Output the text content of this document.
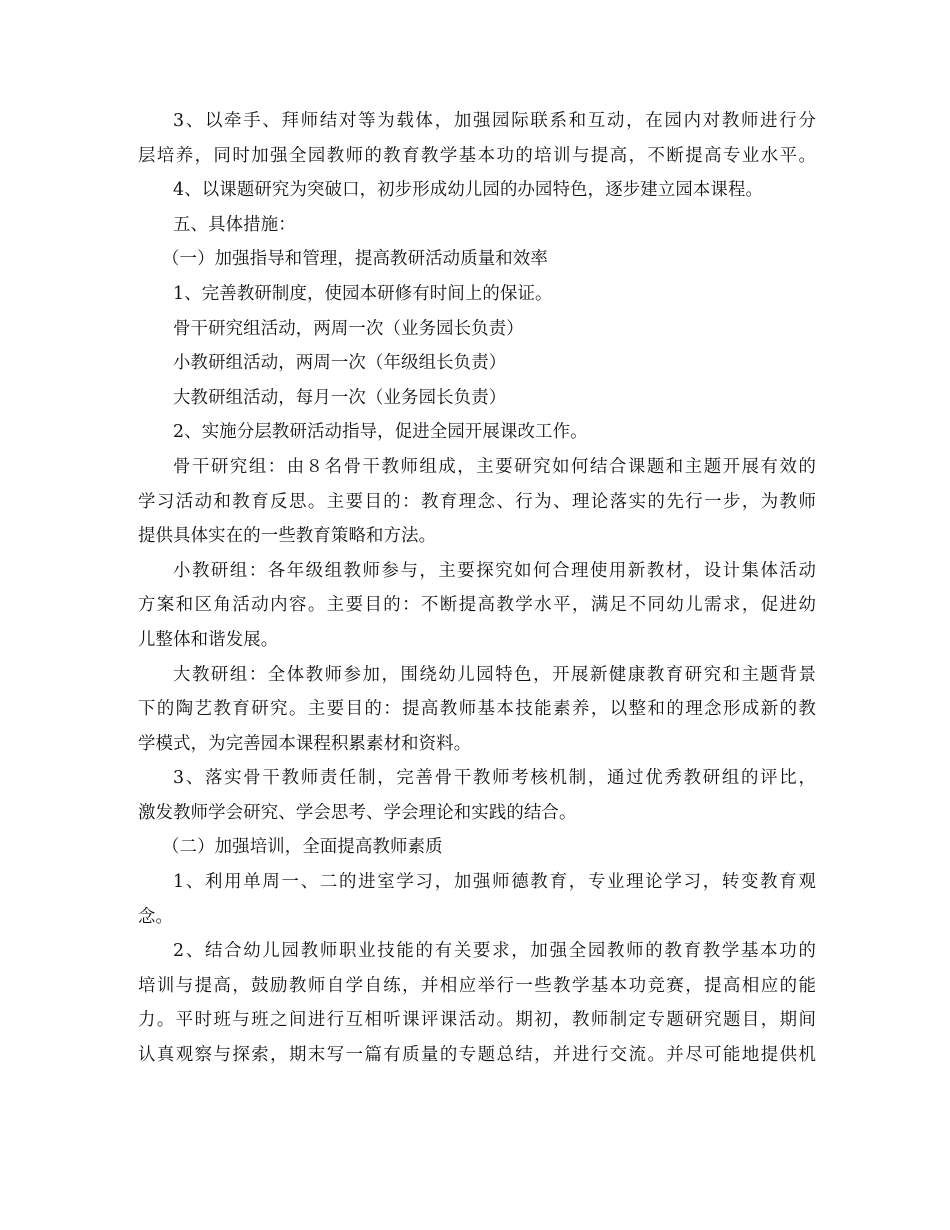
3、以牵手、拜师结对等为载体，加强园际联系和互动，在园内对教师进行分
层培养，同时加强全园教师的教育教学基本功的培训与提高，不断提高专业水平。
4、以课题研究为突破口，初步形成幼儿园的办园特色，逐步建立园本课程。
五、具体措施：
（一）加强指导和管理，提高教研活动质量和效率
1、完善教研制度，使园本研修有时间上的保证。
骨干研究组活动，两周一次（业务园长负责）
小教研组活动，两周一次（年级组长负责）
大教研组活动，每月一次（业务园长负责）
2、实施分层教研活动指导，促进全园开展课改工作。
骨干研究组：由８名骨干教师组成，主要研究如何结合课题和主题开展有效的
学习活动和教育反思。主要目的：教育理念、行为、理论落实的先行一步，为教师
提供具体实在的一些教育策略和方法。
小教研组：各年级组教师参与，主要探究如何合理使用新教材，设计集体活动
方案和区角活动内容。主要目的：不断提高教学水平，满足不同幼儿需求，促进幼
儿整体和谐发展。
大教研组：全体教师参加，围绕幼儿园特色，开展新健康教育研究和主题背景
下的陶艺教育研究。主要目的：提高教师基本技能素养，以整和的理念形成新的教
学模式，为完善园本课程积累素材和资料。
3、落实骨干教师责任制，完善骨干教师考核机制，通过优秀教研组的评比，
激发教师学会研究、学会思考、学会理论和实践的结合。
（二）加强培训，全面提高教师素质
1、利用单周一、二的进室学习，加强师德教育，专业理论学习，转变教育观
念。
2、结合幼儿园教师职业技能的有关要求，加强全园教师的教育教学基本功的
培训与提高，鼓励教师自学自练，并相应举行一些教学基本功竞赛，提高相应的能
力。平时班与班之间进行互相听课评课活动。期初，教师制定专题研究题目，期间
认真观察与探索，期末写一篇有质量的专题总结，并进行交流。并尽可能地提供机
